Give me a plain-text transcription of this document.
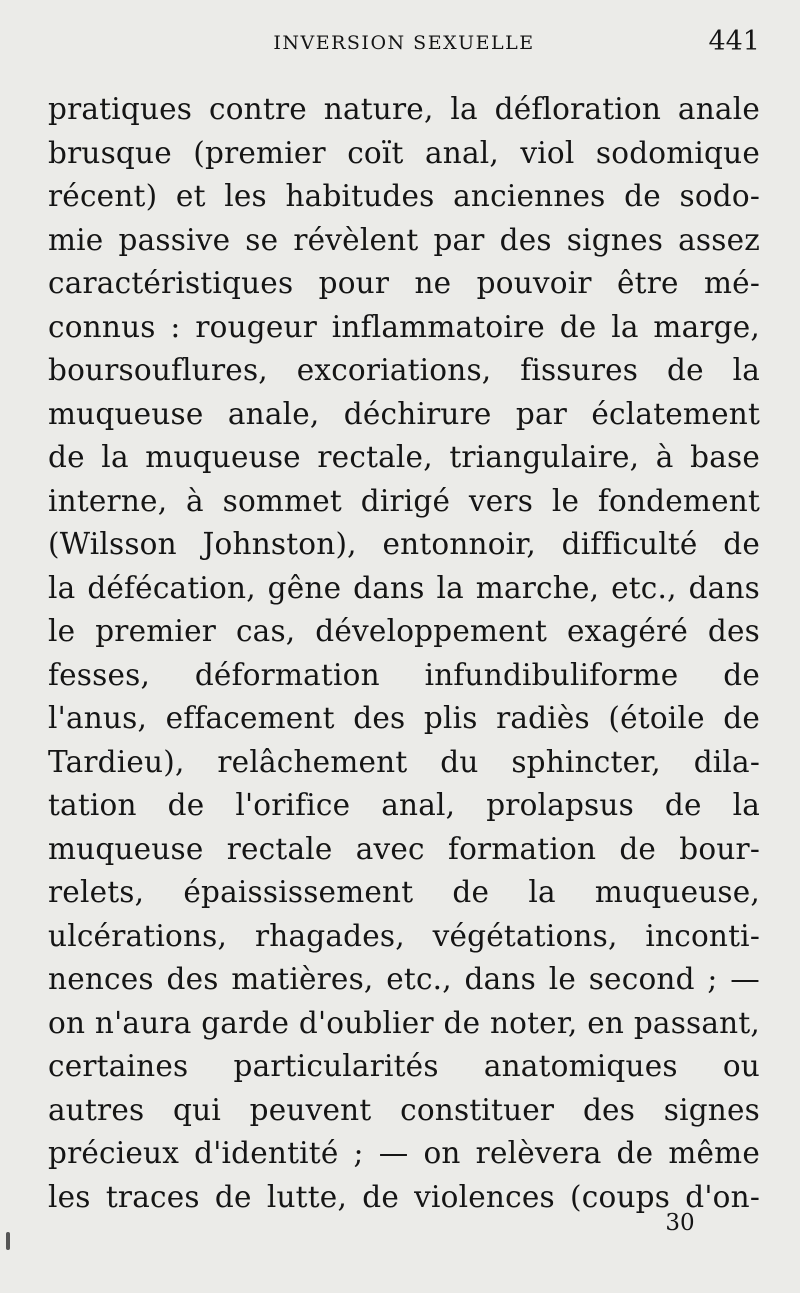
INVERSION SEXUELLE	441
pratiques contre nature, la défloration anale
brusque (premier coït anal, viol sodomique
récent) et les habitudes anciennes de sodo-
mie passive se révèlent par des signes assez
caractéristiques pour ne pouvoir être mé-
connus : rougeur inflammatoire de la marge,
boursouflures, excoriations, fissures de la
muqueuse anale, déchirure par éclatement
de la muqueuse rectale, triangulaire, à base
interne, à sommet dirigé vers le fondement
(Wilsson Johnston), entonnoir, difficulté de
la défécation, gêne dans la marche, etc., dans
le premier cas, développement exagéré des
fesses, déformation infundibuliforme de
l'anus, effacement des plis radiès (étoile de
Tardieu), relâchement du sphincter, dila-
tation de l'orifice anal, prolapsus de la
muqueuse rectale avec formation de bour-
relets, épaississement de la muqueuse,
ulcérations, rhagades, végétations, inconti-
nences des matières, etc., dans le second ; —
on n'aura garde d'oublier de noter, en passant,
certaines particularités anatomiques ou
autres qui peuvent constituer des signes
précieux d'identité ; — on relèvera de même
les traces de lutte, de violences (coups d'on-
30
